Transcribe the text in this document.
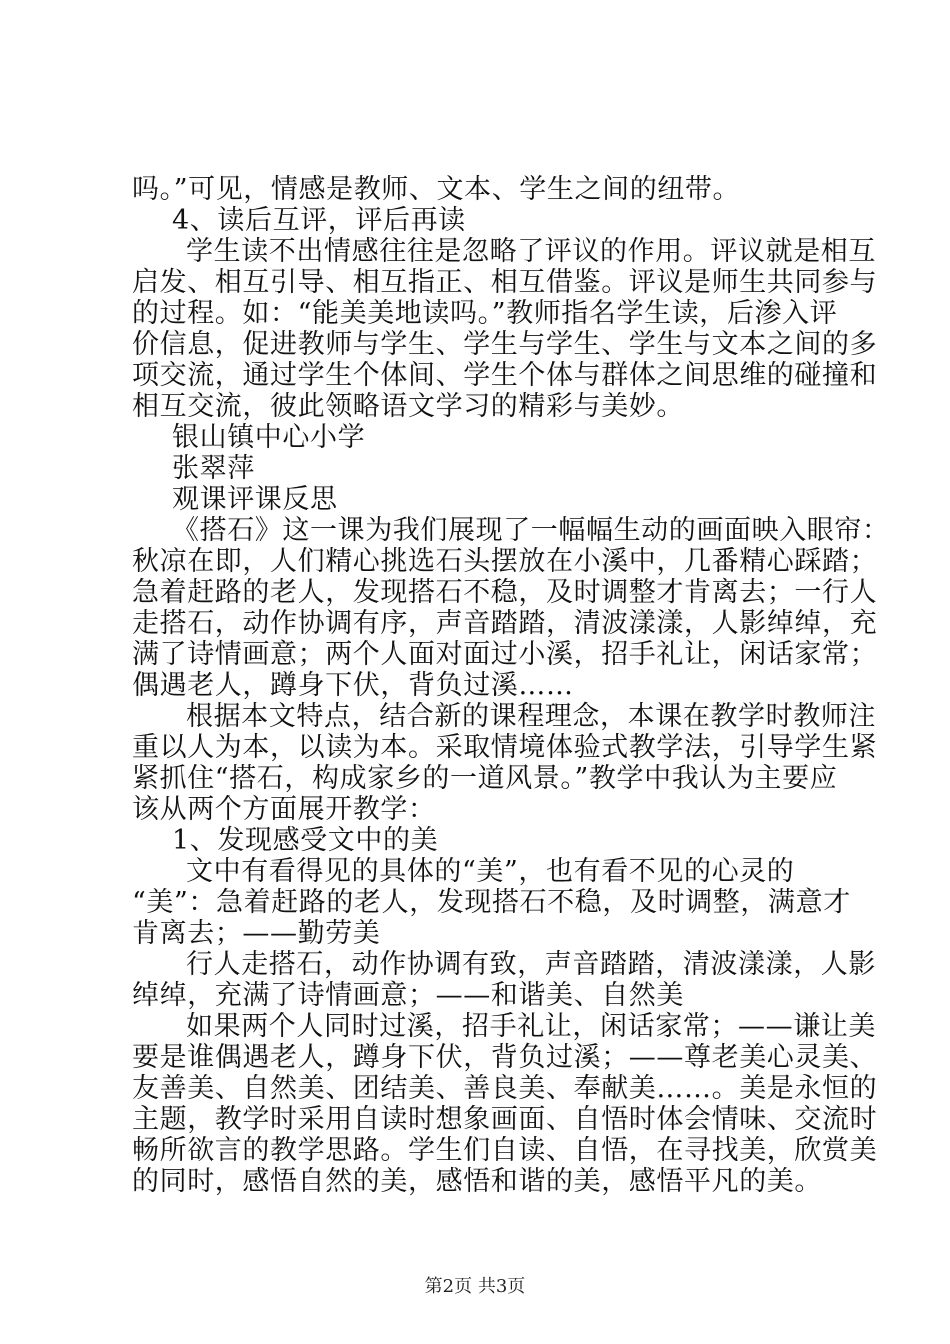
吗。”可见，情感是教师、文本、学生之间的纽带。
4、读后互评，评后再读
学生读不出情感往往是忽略了评议的作用。评议就是相互
启发、相互引导、相互指正、相互借鉴。评议是师生共同参与
的过程。如：“能美美地读吗。”教师指名学生读，后渗入评
价信息，促进教师与学生、学生与学生、学生与文本之间的多
项交流，通过学生个体间、学生个体与群体之间思维的碰撞和
相互交流，彼此领略语文学习的精彩与美妙。
银山镇中心小学
张翠萍
观课评课反思
《搭石》这一课为我们展现了一幅幅生动的画面映入眼帘：
秋凉在即，人们精心挑选石头摆放在小溪中，几番精心踩踏；
急着赶路的老人，发现搭石不稳，及时调整才肯离去；一行人
走搭石，动作协调有序，声音踏踏，清波漾漾，人影绰绰，充
满了诗情画意；两个人面对面过小溪，招手礼让，闲话家常；
偶遇老人，蹲身下伏，背负过溪……
根据本文特点，结合新的课程理念，本课在教学时教师注
重以人为本，以读为本。采取情境体验式教学法，引导学生紧
紧抓住“搭石，构成家乡的一道风景。”教学中我认为主要应
该从两个方面展开教学：
1、发现感受文中的美
文中有看得见的具体的“美”，也有看不见的心灵的
“美”：急着赶路的老人，发现搭石不稳，及时调整，满意才
肯离去；——勤劳美
行人走搭石，动作协调有致，声音踏踏，清波漾漾，人影
绰绰，充满了诗情画意；——和谐美、自然美
如果两个人同时过溪，招手礼让，闲话家常；——谦让美
要是谁偶遇老人，蹲身下伏，背负过溪；——尊老美心灵美、
友善美、自然美、团结美、善良美、奉献美……。美是永恒的
主题，教学时采用自读时想象画面、自悟时体会情味、交流时
畅所欲言的教学思路。学生们自读、自悟，在寻找美，欣赏美
的同时，感悟自然的美，感悟和谐的美，感悟平凡的美。
第2页 共3页
